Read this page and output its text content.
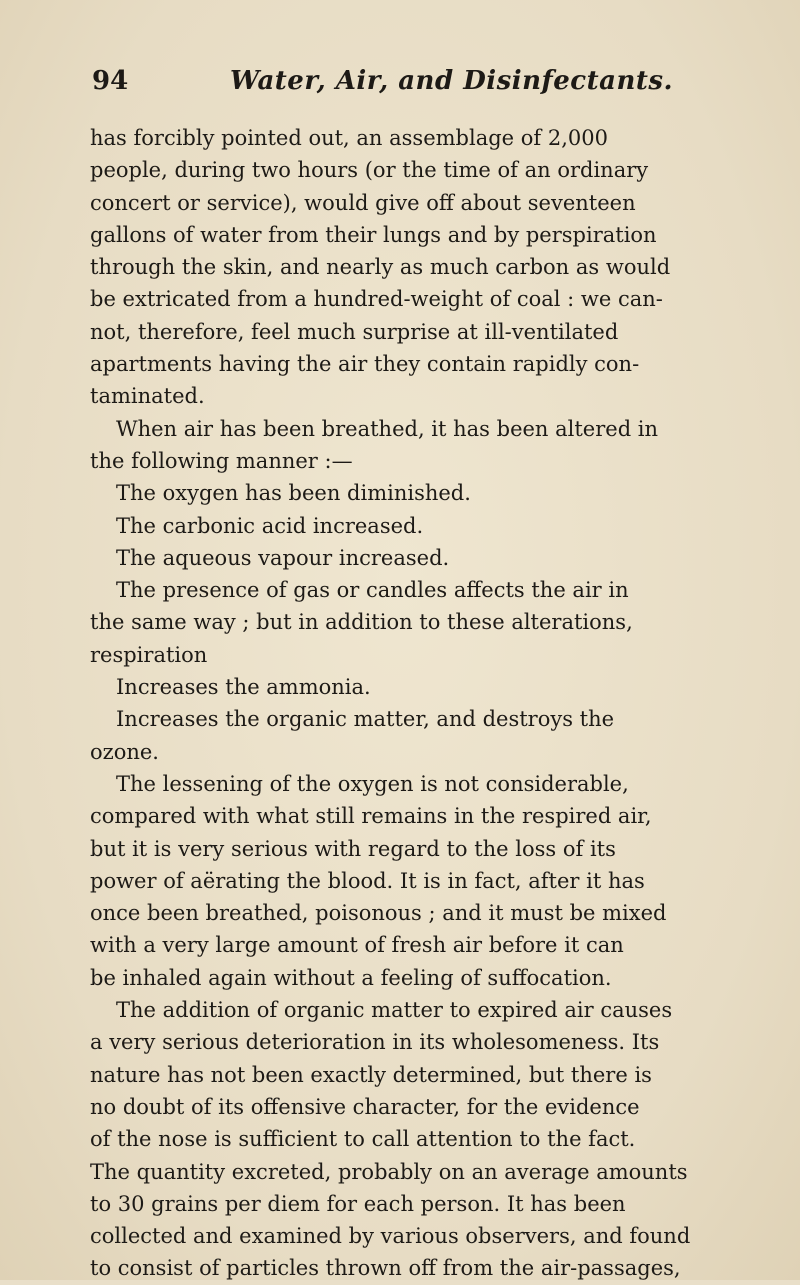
94	Water, Air, and Disinfectants.
has forcibly pointed out, an assemblage of 2,000
people, during two hours (or the time of an ordinary
concert or service), would give off about seventeen
gallons of water from their lungs and by perspiration
through the skin, and nearly as much carbon as would
be extricated from a hundred-weight of coal : we can-
not, therefore, feel much surprise at ill-ventilated
apartments having the air they contain rapidly con-
taminated.
When air has been breathed, it has been altered in
the following manner :—
The oxygen has been diminished.
The carbonic acid increased.
The aqueous vapour increased.
The presence of gas or candles affects the air in
the same way ; but in addition to these alterations,
respiration
Increases the ammonia.
Increases the organic matter, and destroys the
ozone.
The lessening of the oxygen is not considerable,
compared with what still remains in the respired air,
but it is very serious with regard to the loss of its
power of aërating the blood. It is in fact, after it has
once been breathed, poisonous ; and it must be mixed
with a very large amount of fresh air before it can
be inhaled again without a feeling of suffocation.
The addition of organic matter to expired air causes
a very serious deterioration in its wholesomeness. Its
nature has not been exactly determined, but there is
no doubt of its offensive character, for the evidence
of the nose is sufficient to call attention to the fact.
The quantity excreted, probably on an average amounts
to 30 grains per diem for each person. It has been
collected and examined by various observers, and found
to consist of particles thrown off from the air-passages,
